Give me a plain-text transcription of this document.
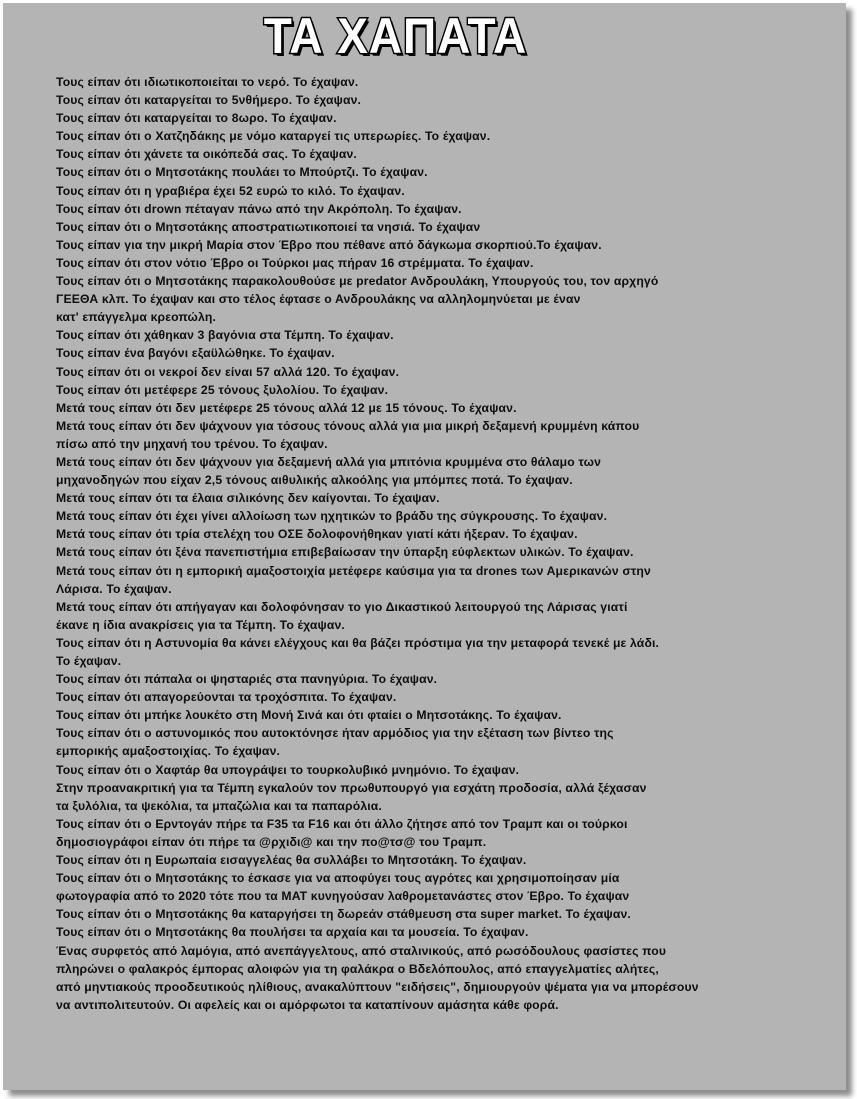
ΤΑ ΧΑΠΑΤΑ
Τους είπαν ότι ιδιωτικοποιείται το νερό. Το έχαψαν.
Τους είπαν ότι καταργείται το 5νθήμερο. Το έχαψαν.
Τους είπαν ότι καταργείται το 8ωρο. Το έχαψαν.
Τους είπαν ότι ο Χατζηδάκης με νόμο καταργεί τις υπερωρίες. Το έχαψαν.
Τους είπαν ότι χάνετε τα οικόπεδά σας. Το έχαψαν.
Τους είπαν ότι ο Μητσοτάκης πουλάει το Μπούρτζι. Το έχαψαν.
Τους είπαν ότι η γραβιέρα έχει 52 ευρώ το κιλό. Το έχαψαν.
Τους είπαν ότι drown πέταγαν πάνω από την Ακρόπολη. Το έχαψαν.
Τους είπαν ότι ο Μητσοτάκης αποστρατιωτικοποιεί τα νησιά. Το έχαψαν
Τους είπαν για την μικρή Μαρία στον Έβρο που πέθανε από δάγκωμα σκορπιού.Το έχαψαν.
Τους είπαν ότι στον νότιο Έβρο οι Τούρκοι μας πήραν 16 στρέμματα. Το έχαψαν.
Τους είπαν ότι ο Μητσοτάκης παρακολουθούσε με predator Ανδρουλάκη, Υπουργούς του, τον αρχηγό
ΓΕΕΘΑ κλπ. Το έχαψαν και στο τέλος έφτασε ο Ανδρουλάκης να αλληλομηνύεται με έναν
κατ' επάγγελμα κρεοπώλη.
Τους είπαν ότι χάθηκαν 3 βαγόνια στα Τέμπη. Το έχαψαν.
Τους είπαν ένα βαγόνι εξαϋλώθηκε. Το έχαψαν.
Τους είπαν ότι οι νεκροί δεν είναι 57 αλλά 120. Το έχαψαν.
Τους είπαν ότι μετέφερε 25 τόνους ξυλολίου. Το έχαψαν.
Μετά τους είπαν ότι δεν μετέφερε 25 τόνους αλλά 12 με 15 τόνους. Το έχαψαν.
Μετά τους είπαν ότι δεν ψάχνουν για τόσους τόνους αλλά για μια μικρή δεξαμενή κρυμμένη κάπου
πίσω από την μηχανή του τρένου. Το έχαψαν.
Μετά τους είπαν ότι δεν ψάχνουν για δεξαμενή αλλά για μπιτόνια κρυμμένα στο θάλαμο των
μηχανοδηγών που είχαν 2,5 τόνους αιθυλικής αλκοόλης για μπόμπες ποτά. Το έχαψαν.
Μετά τους είπαν ότι τα έλαια σιλικόνης δεν καίγονται. Το έχαψαν.
Μετά τους είπαν ότι έχει γίνει αλλοίωση των ηχητικών το βράδυ της σύγκρουσης. Το έχαψαν.
Μετά τους είπαν ότι τρία στελέχη του ΟΣΕ δολοφονήθηκαν γιατί κάτι ήξεραν. Το έχαψαν.
Μετά τους είπαν ότι ξένα πανεπιστήμια επιβεβαίωσαν την ύπαρξη εύφλεκτων υλικών. Το έχαψαν.
Μετά τους είπαν ότι η εμπορική αμαξοστοιχία μετέφερε καύσιμα για τα drones των Αμερικανών στην
Λάρισα. Το έχαψαν.
Μετά τους είπαν ότι απήγαγαν και δολοφόνησαν το γιο Δικαστικού λειτουργού της Λάρισας γιατί
έκανε η ίδια ανακρίσεις για τα Τέμπη. Το έχαψαν.
Τους είπαν ότι η Αστυνομία θα κάνει ελέγχους και θα βάζει πρόστιμα για την μεταφορά τενεκέ με λάδι.
Το έχαψαν.
Τους είπαν ότι πάπαλα οι ψησταριές στα πανηγύρια. Το έχαψαν.
Τους είπαν ότι απαγορεύονται τα τροχόσπιτα. Το έχαψαν.
Τους είπαν ότι μπήκε λουκέτο στη Μονή Σινά και ότι φταίει ο Μητσοτάκης. Το έχαψαν.
Τους είπαν ότι ο αστυνομικός που αυτοκτόνησε ήταν αρμόδιος για την εξέταση των βίντεο της
εμπορικής αμαξοστοιχίας. Το έχαψαν.
Τους είπαν ότι ο Χαφτάρ θα υπογράψει το τουρκολυβικό μνημόνιο. Το έχαψαν.
Στην προανακριτική για τα Τέμπη εγκαλούν τον πρωθυπουργό για εσχάτη προδοσία, αλλά ξέχασαν
τα ξυλόλια, τα ψεκόλια, τα μπαζώλια και τα παπαρόλια.
Τους είπαν ότι ο Ερντογάν πήρε τα F35 τα F16 και ότι άλλο ζήτησε από τον Τραμπ και οι τούρκοι
δημοσιογράφοι είπαν ότι πήρε τα @ρχιδι@ και την πο@τσ@ του Τραμπ.
Τους είπαν ότι η Ευρωπαία εισαγγελέας θα συλλάβει το Μητσοτάκη. Το έχαψαν.
Τους είπαν ότι ο Μητσοτάκης το έσκασε για να αποφύγει τους αγρότες και χρησιμοποίησαν μία
φωτογραφία από το 2020 τότε που τα ΜΑΤ κυνηγούσαν λαθρομετανάστες στον Έβρο. Το έχαψαν
Τους είπαν ότι ο Μητσοτάκης θα καταργήσει τη δωρεάν στάθμευση στα super market. Το έχαψαν.
Τους είπαν ότι ο Μητσοτάκης θα πουλήσει τα αρχαία και τα μουσεία. Το έχαψαν.
Ένας συρφετός από λαμόγια, από ανεπάγγελτους, από σταλινικούς, από ρωσόδουλους φασίστες που
πληρώνει ο φαλακρός έμπορας αλοιφών για τη φαλάκρα ο Βδελόπουλος, από επαγγελματίες αλήτες,
από μηντιακούς προοδευτικούς ηλίθιους, ανακαλύπτουν "ειδήσεις", δημιουργούν ψέματα για να μπορέσουν
να αντιπολιτευτούν. Οι αφελείς και οι αμόρφωτοι τα καταπίνουν αμάσητα κάθε φορά.
